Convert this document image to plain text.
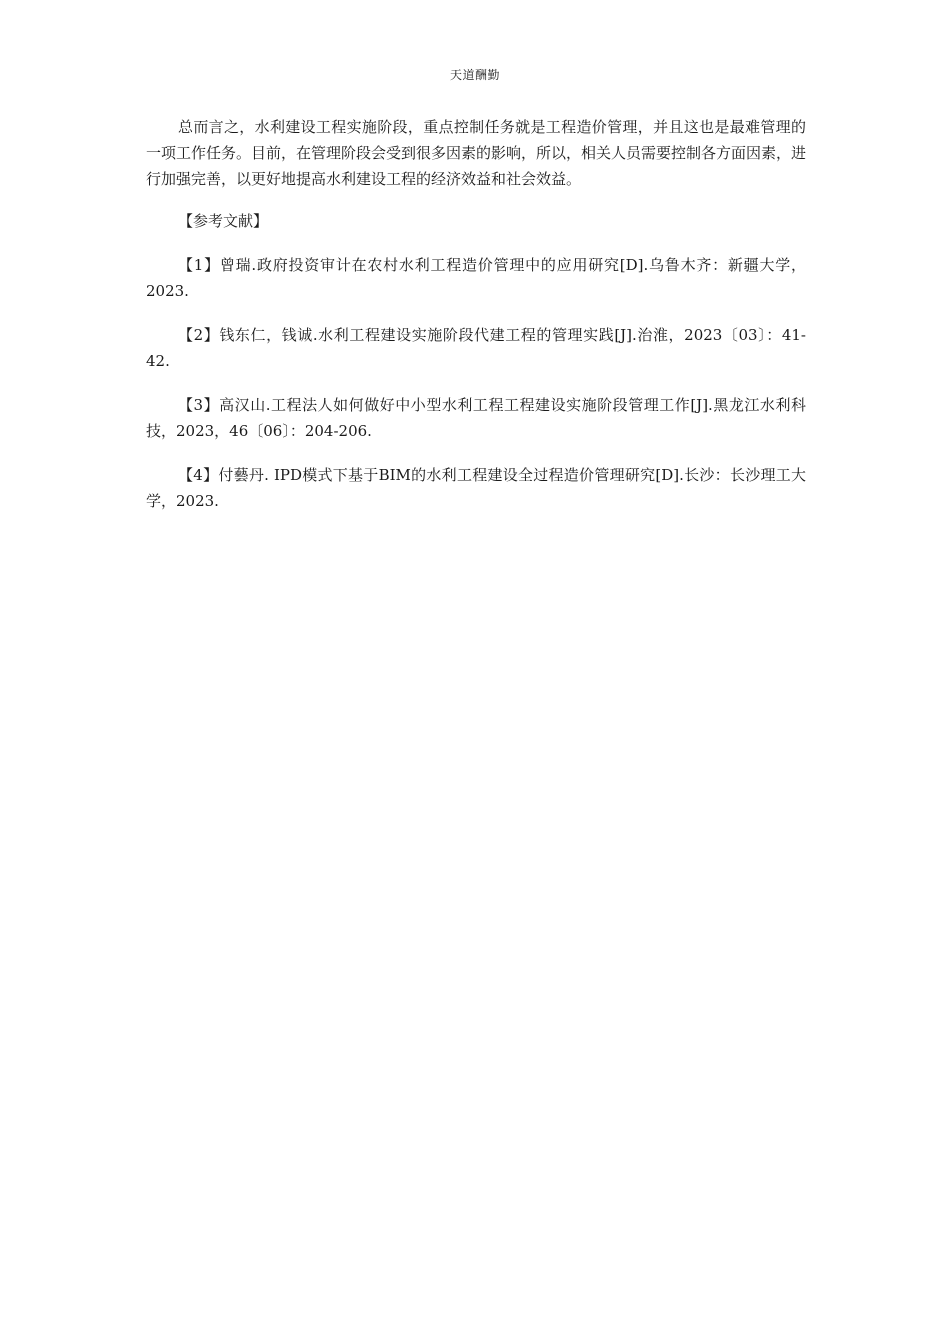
天道酬勤

总而言之，水利建设工程实施阶段，重点控制任务就是工程造价管理，并且这也是最难管理的一项工作任务。目前，在管理阶段会受到很多因素的影响，所以，相关人员需要控制各方面因素，进行加强完善，以更好地提高水利建设工程的经济效益和社会效益。

【参考文献】

【1】曾瑞.政府投资审计在农村水利工程造价管理中的应用研究[D].乌鲁木齐：新疆大学，2023.

【2】钱东仁，钱诚.水利工程建设实施阶段代建工程的管理实践[J].治淮，2023〔03〕：41-42.

【3】高汉山.工程法人如何做好中小型水利工程工程建设实施阶段管理工作[J].黑龙江水利科技，2023，46〔06〕：204-206.

【4】付藝丹. IPD模式下基于BIM的水利工程建设全过程造价管理研究[D].长沙：长沙理工大学，2023.
